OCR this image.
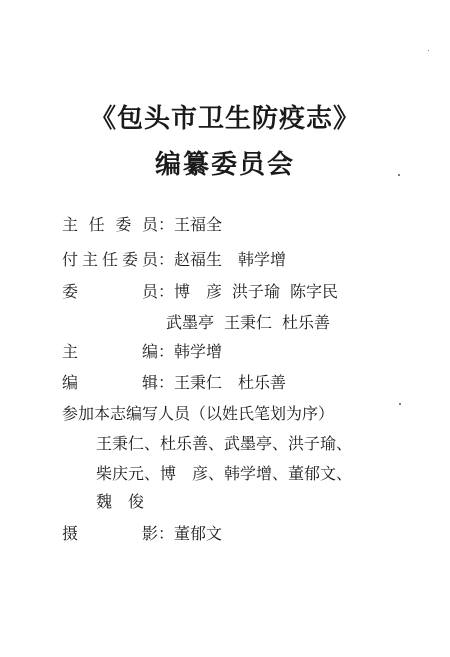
《包头市卫生防疫志》
编纂委员会
主任委员：王福全
付主任委员：赵福生 韩学增
委员：博　彦 洪子瑜 陈字民
武墨亭 王秉仁 杜乐善
主编：韩学增
编辑：王秉仁 杜乐善
参加本志编写人员（以姓氏笔划为序）
王秉仁、杜乐善、武墨亭、洪子瑜、
柴庆元、博　彦、韩学增、董郁文、
魏　俊
摄影：董郁文
